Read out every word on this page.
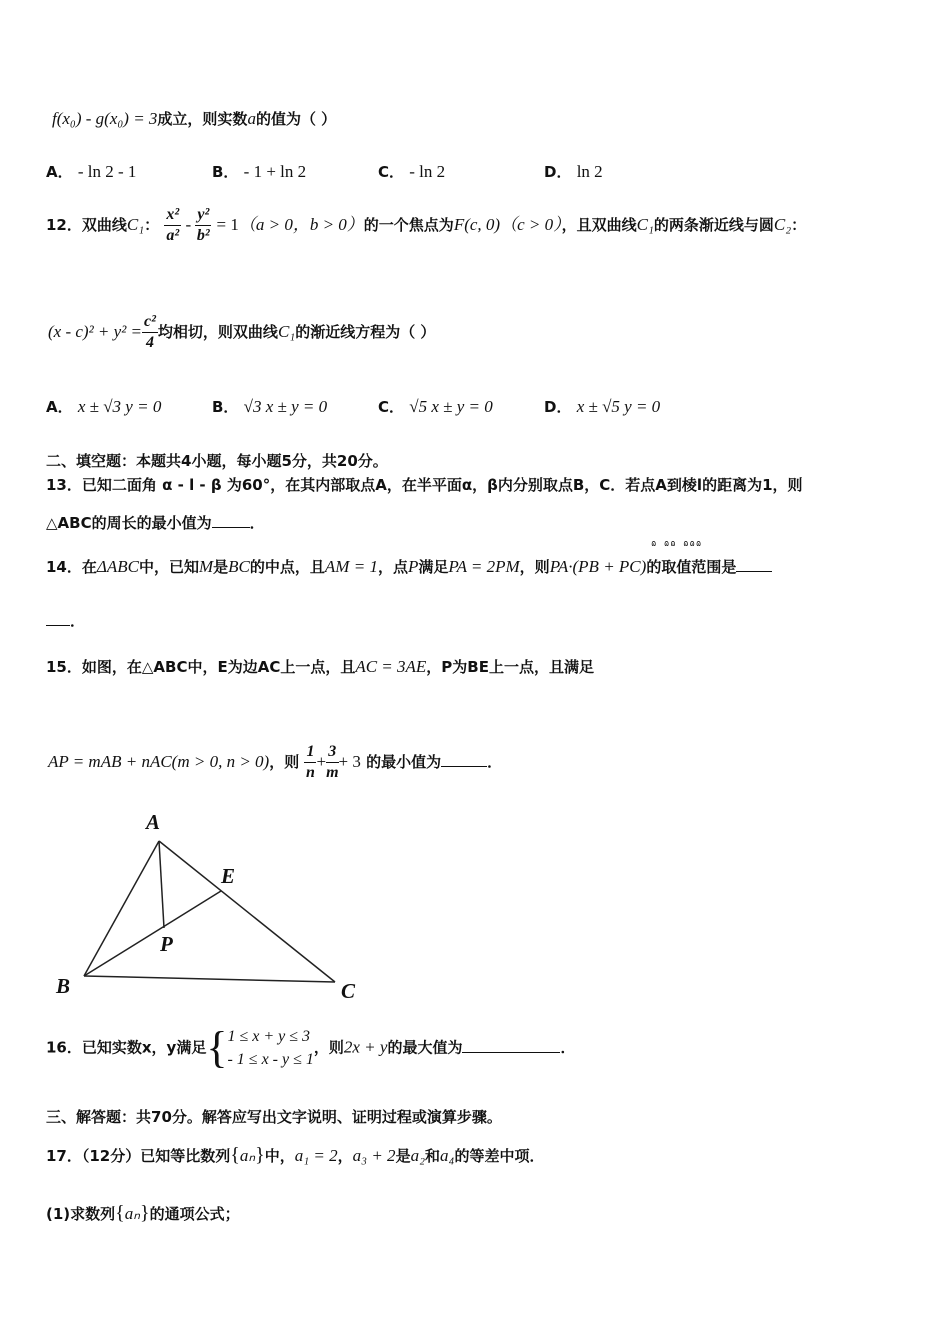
f(x₀) - g(x₀) = 3成立，则实数a的值为（ ）
A． - ln 2 - 1	B． - 1 + ln 2	C． - ln 2	D． ln 2
12．双曲线C₁： $\frac{\text{x²}}{\text{a²}} - \frac{\text{y²}}{\text{b²}} = 1(a > 0$，b > 0）的一个焦点为F(c, 0)（c > 0），且双曲线C₁的两条渐近线与圆C₂：
$(x - c)^2 + y^2 = \frac{\text{c²}}{4}$ 均相切，则双曲线C₁的渐近线方程为（ ）
A． x ± √3 y = 0	B． √3 x ± y = 0	C． √5 x ± y = 0	D． x ± √5 y = 0
二、填空题：本题共4小题，每小题5分，共20分。
13．已知二面角 α - l - β 为60°，在其内部取点A，在半平面α，β内分别取点B，C．若点A到棱l的距离为1，则
△ABC的周长的最小值为	．
ɷ ɷɷ ɷɷɷ
14．在ΔABC中，已知M是BC的中点，且AM = 1，点P满足PA = 2PM，则PA·(PB + PC)的取值范围是
．
15．如图，在△ABC中，E为边AC上一点，且AC = 3AE，P为BE上一点，且满足
AP = mAB + nAC(m > 0, n > 0)，则 $\frac{1}{n} + \frac{3}{m} + 3$ 的最小值为	．
A
B	C
E
P
16．已知实数x，y满足{ 1 ≤ x + y ≤ 3
- 1 ≤ x - y ≤ 1
，则2x + y的最大值为	．
三、解答题：共70分。解答应写出文字说明、证明过程或演算步骤。
17．（12分）已知等比数列{aₙ}中，a₁ = 2，a₃ + 2是a₂和a₄的等差中项．
(1)求数列{aₙ}的通项公式；
